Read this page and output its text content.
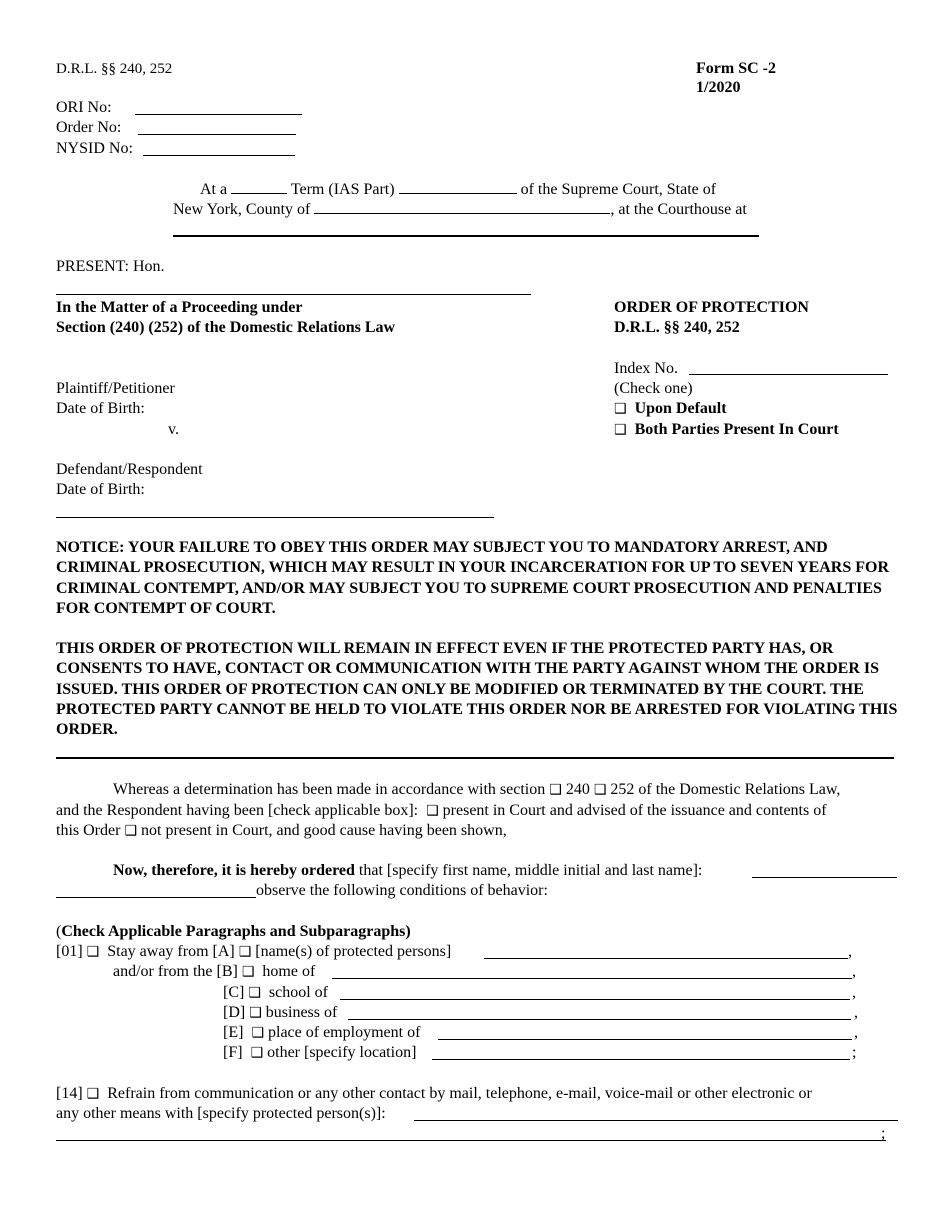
D.R.L. §§ 240, 252	Form SC -2
1/2020
ORI No:
Order No:
NYSID No:
At a	Term (IAS Part)	of the Supreme Court, State of
New York, County of	, at the Courthouse at
PRESENT: Hon.
In the Matter of a Proceeding under
Section (240) (252) of the Domestic Relations Law
ORDER OF PROTECTION
D.R.L. §§ 240, 252
Index No.
(Check one)
❑ Upon Default
❑ Both Parties Present In Court
Plaintiff/Petitioner
Date of Birth:
v.
Defendant/Respondent
Date of Birth:
NOTICE: YOUR FAILURE TO OBEY THIS ORDER MAY SUBJECT YOU TO MANDATORY ARREST, AND CRIMINAL PROSECUTION, WHICH MAY RESULT IN YOUR INCARCERATION FOR UP TO SEVEN YEARS FOR CRIMINAL CONTEMPT, AND/OR MAY SUBJECT YOU TO SUPREME COURT PROSECUTION AND PENALTIES FOR CONTEMPT OF COURT.
THIS ORDER OF PROTECTION WILL REMAIN IN EFFECT EVEN IF THE PROTECTED PARTY HAS, OR CONSENTS TO HAVE, CONTACT OR COMMUNICATION WITH THE PARTY AGAINST WHOM THE ORDER IS ISSUED. THIS ORDER OF PROTECTION CAN ONLY BE MODIFIED OR TERMINATED BY THE COURT. THE PROTECTED PARTY CANNOT BE HELD TO VIOLATE THIS ORDER NOR BE ARRESTED FOR VIOLATING THIS ORDER.
Whereas a determination has been made in accordance with section ❑ 240 ❑ 252 of the Domestic Relations Law,
and the Respondent having been [check applicable box]: ❑ present in Court and advised of the issuance and contents of
this Order ❑ not present in Court, and good cause having been shown,
Now, therefore, it is hereby ordered that [specify first name, middle initial and last name]:
observe the following conditions of behavior:
(Check Applicable Paragraphs and Subparagraphs)
[01] ❑ Stay away from [A] ❑ [name(s) of protected persons]	,
and/or from the [B] ❑ home of	,
[C] ❑ school of	,
[D] ❑ business of	,
[E] ❑ place of employment of	,
[F] ❑ other [specify location]	;
[14] ❑ Refrain from communication or any other contact by mail, telephone, e-mail, voice-mail or other electronic or
any other means with [specify protected person(s)]:
;
